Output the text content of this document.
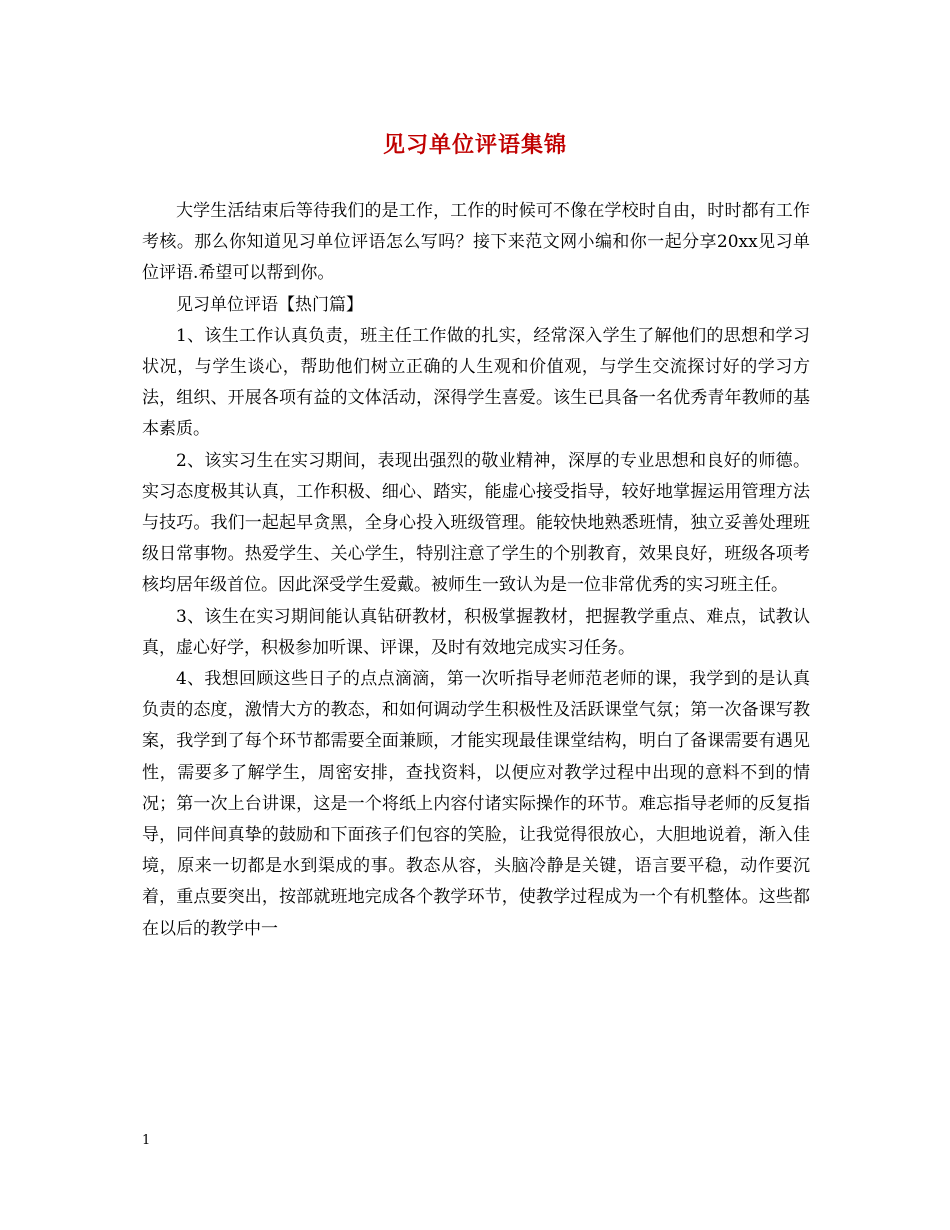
见习单位评语集锦

大学生活结束后等待我们的是工作，工作的时候可不像在学校时自由，时时都有工作考核。那么你知道见习单位评语怎么写吗？接下来范文网小编和你一起分享20xx见习单位评语.希望可以帮到你。

见习单位评语【热门篇】

1、该生工作认真负责，班主任工作做的扎实，经常深入学生了解他们的思想和学习状况，与学生谈心，帮助他们树立正确的人生观和价值观，与学生交流探讨好的学习方法，组织、开展各项有益的文体活动，深得学生喜爱。该生已具备一名优秀青年教师的基本素质。

2、该实习生在实习期间，表现出强烈的敬业精神，深厚的专业思想和良好的师德。实习态度极其认真，工作积极、细心、踏实，能虚心接受指导，较好地掌握运用管理方法与技巧。我们一起起早贪黑，全身心投入班级管理。能较快地熟悉班情，独立妥善处理班级日常事物。热爱学生、关心学生，特别注意了学生的个别教育，效果良好，班级各项考核均居年级首位。因此深受学生爱戴。被师生一致认为是一位非常优秀的实习班主任。

3、该生在实习期间能认真钻研教材，积极掌握教材，把握教学重点、难点，试教认真，虚心好学，积极参加听课、评课，及时有效地完成实习任务。

4、我想回顾这些日子的点点滴滴，第一次听指导老师范老师的课，我学到的是认真负责的态度，激情大方的教态，和如何调动学生积极性及活跃课堂气氛；第一次备课写教案，我学到了每个环节都需要全面兼顾，才能实现最佳课堂结构，明白了备课需要有遇见性，需要多了解学生，周密安排，查找资料，以便应对教学过程中出现的意料不到的情况；第一次上台讲课，这是一个将纸上内容付诸实际操作的环节。难忘指导老师的反复指导，同伴间真挚的鼓励和下面孩子们包容的笑脸，让我觉得很放心，大胆地说着，渐入佳境，原来一切都是水到渠成的事。教态从容，头脑冷静是关键，语言要平稳，动作要沉着，重点要突出，按部就班地完成各个教学环节，使教学过程成为一个有机整体。这些都在以后的教学中一

1
